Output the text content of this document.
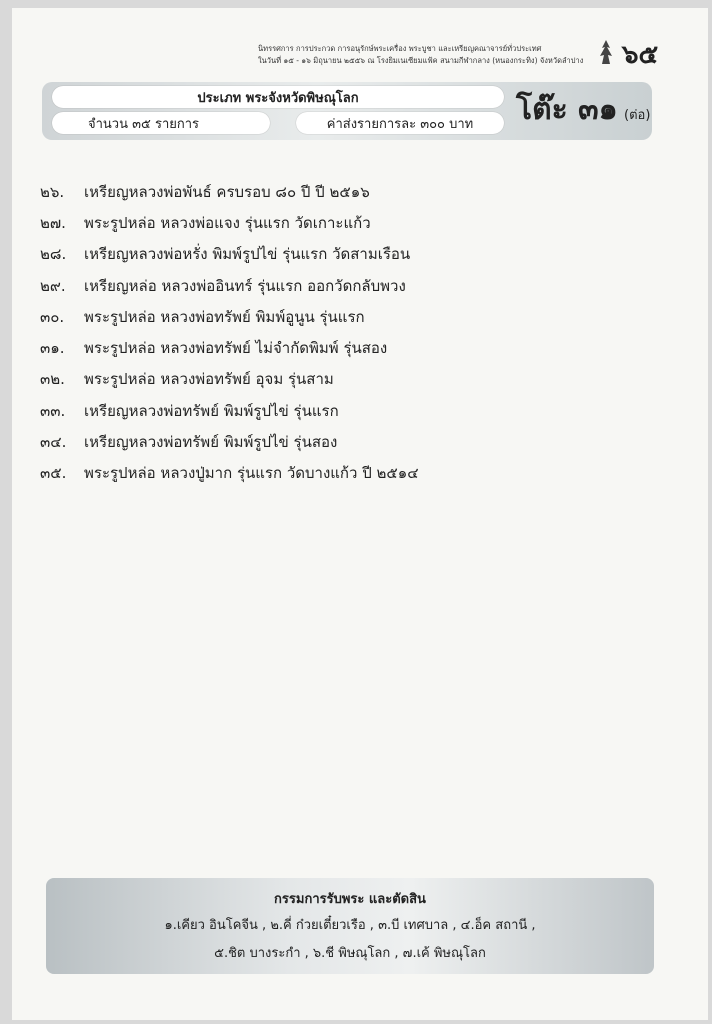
นิทรรศการ การประกวด การอนุรักษ์พระเครื่อง พระบูชา และเหรียญคณาจารย์ทั่วประเทศ
ในวันที่ ๑๕ - ๑๖ มิถุนายน ๒๕๕๖ ณ โรงยิมเนเซียมแฟ้ค สนามกีฬากลาง (หนองกระทิง) จังหวัดลำปาง	๖๕
ประเภท พระจังหวัดพิษณุโลก
จำนวน ๓๕ รายการ	ค่าส่งรายการละ ๓๐๐ บาท	โต๊ะ ๓๑ (ต่อ)
๒๖.	เหรียญหลวงพ่อพันธ์ ครบรอบ ๘๐ ปี ปี ๒๕๑๖
๒๗.	พระรูปหล่อ หลวงพ่อแจง รุ่นแรก วัดเกาะแก้ว
๒๘.	เหรียญหลวงพ่อหรั่ง พิมพ์รูปไข่ รุ่นแรก วัดสามเรือน
๒๙.	เหรียญหล่อ หลวงพ่ออินทร์ รุ่นแรก ออกวัดกลับพวง
๓๐.	พระรูปหล่อ หลวงพ่อทรัพย์ พิมพ์อูนูน รุ่นแรก
๓๑.	พระรูปหล่อ หลวงพ่อทรัพย์ ไม่จำกัดพิมพ์ รุ่นสอง
๓๒.	พระรูปหล่อ หลวงพ่อทรัพย์ อุจม รุ่นสาม
๓๓.	เหรียญหลวงพ่อทรัพย์ พิมพ์รูปไข่ รุ่นแรก
๓๔.	เหรียญหลวงพ่อทรัพย์ พิมพ์รูปไข่ รุ่นสอง
๓๕.	พระรูปหล่อ หลวงปู่มาก รุ่นแรก วัดบางแก้ว ปี ๒๕๑๔
กรรมการรับพระ และตัดสิน
๑.เคียว อินโคจีน , ๒.คี่ ก๋วยเตี๋ยวเรือ , ๓.บี เทศบาล , ๔.อ็ค สถานี ,
๕.ชิต บางระกำ , ๖.ชี พิษณุโลก , ๗.เค้ พิษณุโลก
